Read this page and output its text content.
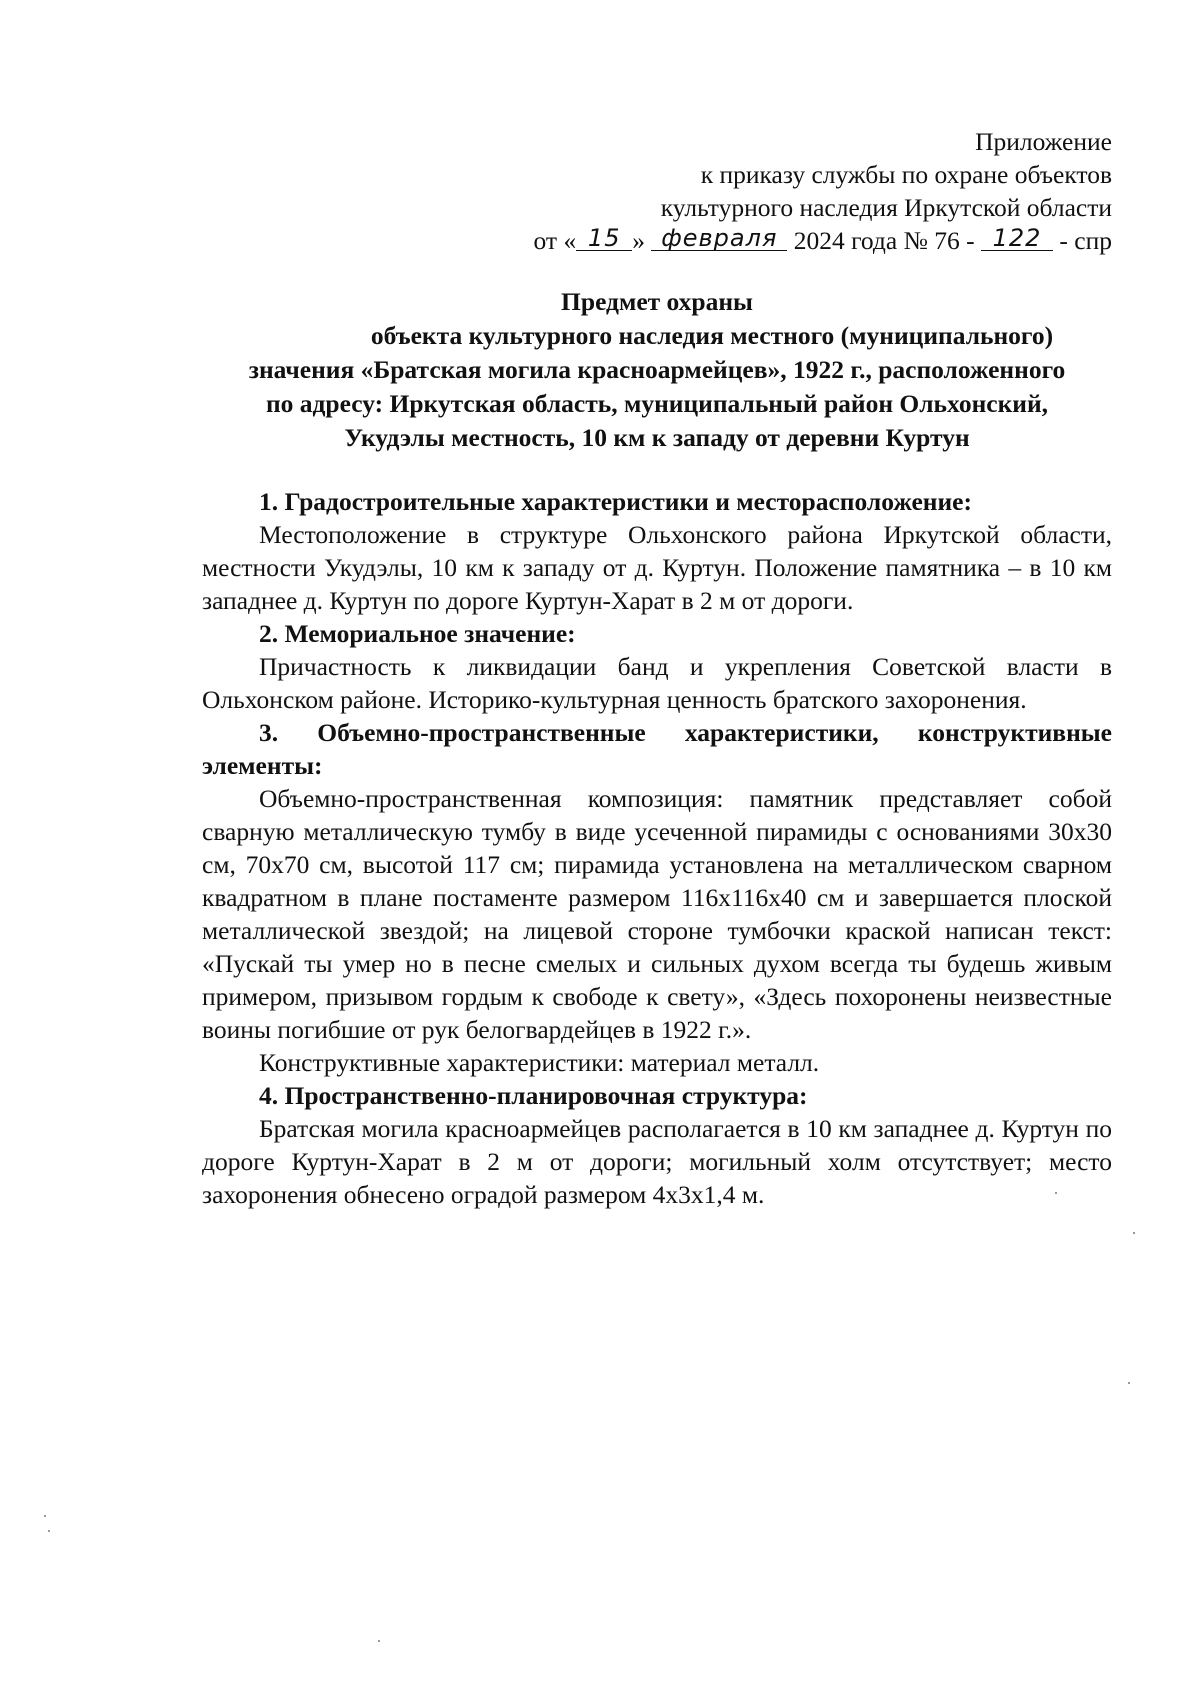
Приложение
к приказу службы по охране объектов
культурного наследия Иркутской области
от « 15 » февраля 2024 года № 76 - 122 - спр
Предмет охраны
объекта культурного наследия местного (муниципального)
значения «Братская могила красноармейцев», 1922 г., расположенного
по адресу: Иркутская область, муниципальный район Ольхонский,
Укудэлы местность, 10 км к западу от деревни Куртун

1. Градостроительные характеристики и месторасположение:

Местоположение в структуре Ольхонского района Иркутской области, местности Укудэлы, 10 км к западу от д. Куртун. Положение памятника – в 10 км западнее д. Куртун по дороге Куртун-Харат в 2 м от дороги.

2. Мемориальное значение:

Причастность к ликвидации банд и укрепления Советской власти в Ольхонском районе. Историко-культурная ценность братского захоронения.

3. Объемно-пространственные характеристики, конструктивные элементы:

Объемно-пространственная композиция: памятник представляет собой сварную металлическую тумбу в виде усеченной пирамиды с основаниями 30х30 см, 70х70 см, высотой 117 см; пирамида установлена на металлическом сварном квадратном в плане постаменте размером 116х116х40 см и завершается плоской металлической звездой; на лицевой стороне тумбочки краской написан текст: «Пускай ты умер но в песне смелых и сильных духом всегда ты будешь живым примером, призывом гордым к свободе к свету», «Здесь похоронены неизвестные воины погибшие от рук белогвардейцев в 1922 г.».

Конструктивные характеристики: материал металл.

4. Пространственно-планировочная структура:

Братская могила красноармейцев располагается в 10 км западнее д. Куртун по дороге Куртун-Харат в 2 м от дороги; могильный холм отсутствует; место захоронения обнесено оградой размером 4х3х1,4 м.
